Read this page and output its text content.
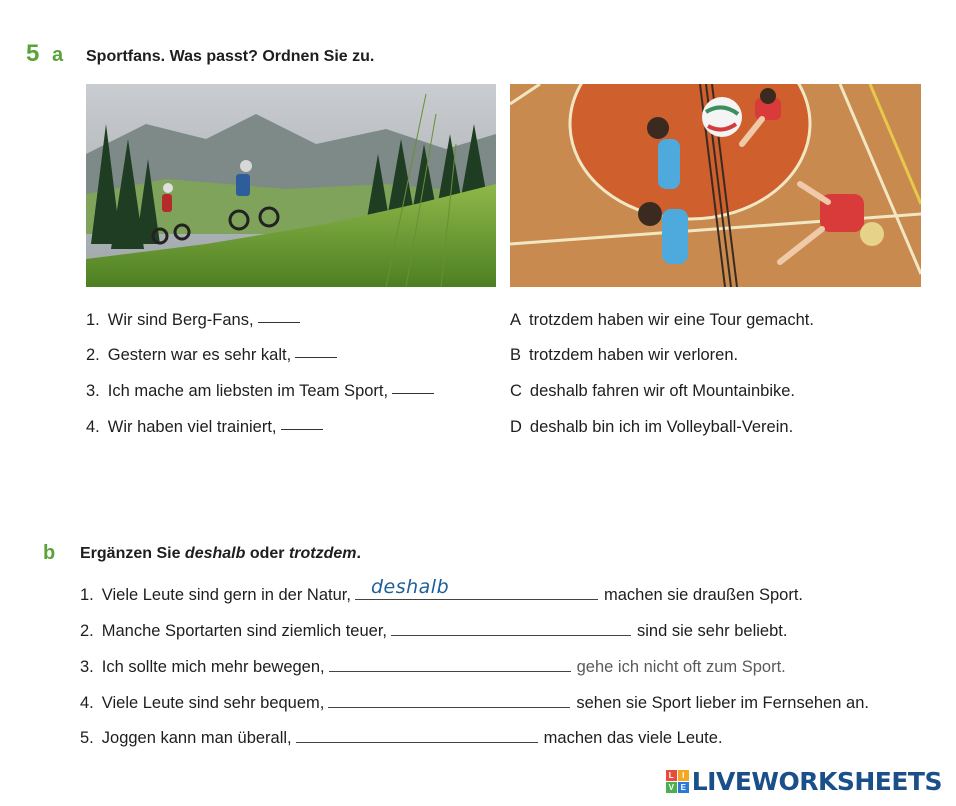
5 a Sportfans. Was passt? Ordnen Sie zu.
1. Wir sind Berg-Fans,
2. Gestern war es sehr kalt,
3. Ich mache am liebsten im Team Sport,
4. Wir haben viel trainiert,
A trotzdem haben wir eine Tour gemacht.
B trotzdem haben wir verloren.
C deshalb fahren wir oft Mountainbike.
D deshalb bin ich im Volleyball-Verein.
b Ergänzen Sie deshalb oder trotzdem.
1. Viele Leute sind gern in der Natur, deshalb	machen sie draußen Sport.
2. Manche Sportarten sind ziemlich teuer,	sind sie sehr beliebt.
3. Ich sollte mich mehr bewegen,	gehe ich nicht oft zum Sport.
4. Viele Leute sind sehr bequem,	sehen sie Sport lieber im Fernsehen an.
5. Joggen kann man überall,	machen das viele Leute.
L	I
V E LIVEWORKSHEETS
